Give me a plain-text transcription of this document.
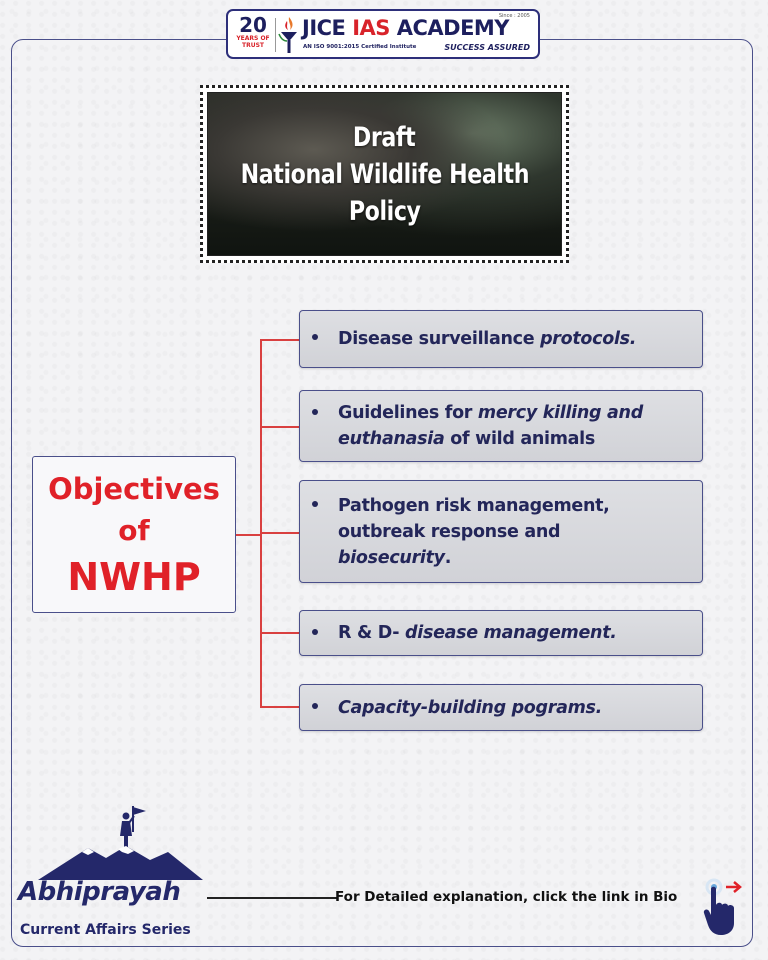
20
YEARS OF TRUST
JICE IAS ACADEMY
AN ISO 9001:2015 Certified Institute	SUCCESS ASSURED
Since : 2005
Draft
National Wildlife Health
Policy
Objectives
of
NWHP
Disease surveillance protocols.
Guidelines for mercy killing and
euthanasia of wild animals
Pathogen risk management,
outbreak response and
biosecurity.
R & D- disease management.
Capacity-building pograms.
Abhiprayah
Current Affairs Series
For Detailed explanation, click the link in Bio
